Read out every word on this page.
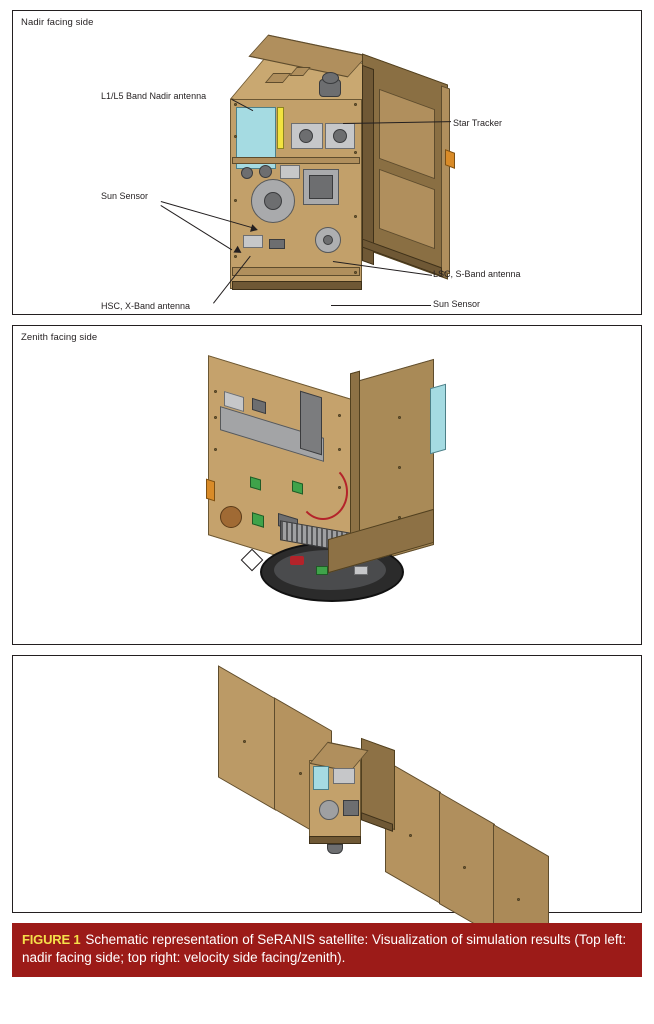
Nadir facing side
L1/L5 Band Nadir antenna
Star Tracker
Sun Sensor
LSC, S-Band antenna
HSC, X-Band antenna	Sun Sensor
Zenith facing side
FIGURE 1 Schematic representation of SeRANIS satellite: Visualization of simulation results (Top left: nadir facing side; top right: velocity side facing/zenith).
